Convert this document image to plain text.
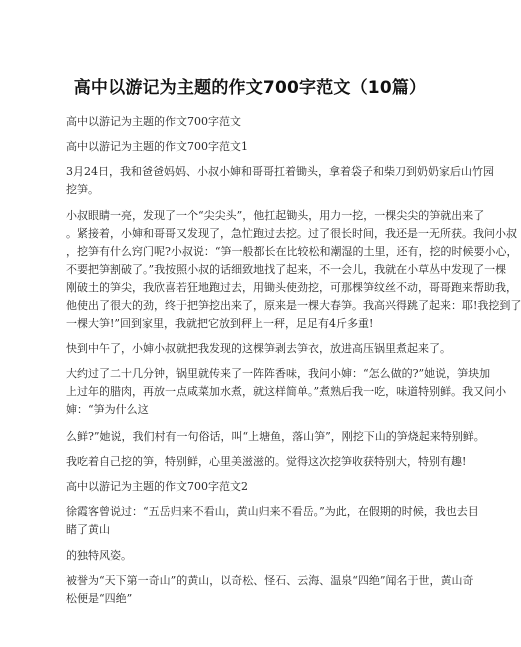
高中以游记为主题的作文700字范文（10篇）
高中以游记为主题的作文700字范文
高中以游记为主题的作文700字范文1
3月24日，我和爸爸妈妈、小叔小婶和哥哥扛着锄头，拿着袋子和柴刀到奶奶家后山竹园
挖笋。
小叔眼睛一亮，发现了一个“尖尖头”，他扛起锄头，用力一挖，一棵尖尖的笋就出来了
。紧接着，小婶和哥哥又发现了，急忙跑过去挖。过了很长时间，我还是一无所获。我问小叔
，挖笋有什么窍门呢?小叔说：“笋一般都长在比较松和潮湿的土里，还有，挖的时候要小心，
不要把笋割破了。”我按照小叔的话细致地找了起来，不一会儿，我就在小草丛中发现了一棵
刚破土的笋尖，我欣喜若狂地跑过去，用锄头使劲挖，可那棵笋纹丝不动，哥哥跑来帮助我，
他使出了很大的劲，终于把笋挖出来了，原来是一棵大春笋。我高兴得跳了起来：耶!我挖到了
一棵大笋!”回到家里，我就把它放到秤上一秤，足足有4斤多重!
快到中午了，小婶小叔就把我发现的这棵笋剥去笋衣，放进高压锅里煮起来了。
大约过了二十几分钟，锅里就传来了一阵阵香味，我问小婶：“怎么做的?”她说，笋块加
上过年的腊肉，再放一点咸菜加水煮，就这样简单。”煮熟后我一吃，味道特别鲜。我又问小
婶：“笋为什么这
么鲜?”她说，我们村有一句俗话，叫“上塘鱼，落山笋”，刚挖下山的笋烧起来特别鲜。
我吃着自己挖的笋，特别鲜，心里美滋滋的。觉得这次挖笋收获特别大，特别有趣!
高中以游记为主题的作文700字范文2
徐霞客曾说过：“五岳归来不看山，黄山归来不看岳。”为此，在假期的时候，我也去目
睹了黄山
的独特风姿。
被誉为“天下第一奇山”的黄山，以奇松、怪石、云海、温泉“四绝”闻名于世，黄山奇
松便是“四绝”
